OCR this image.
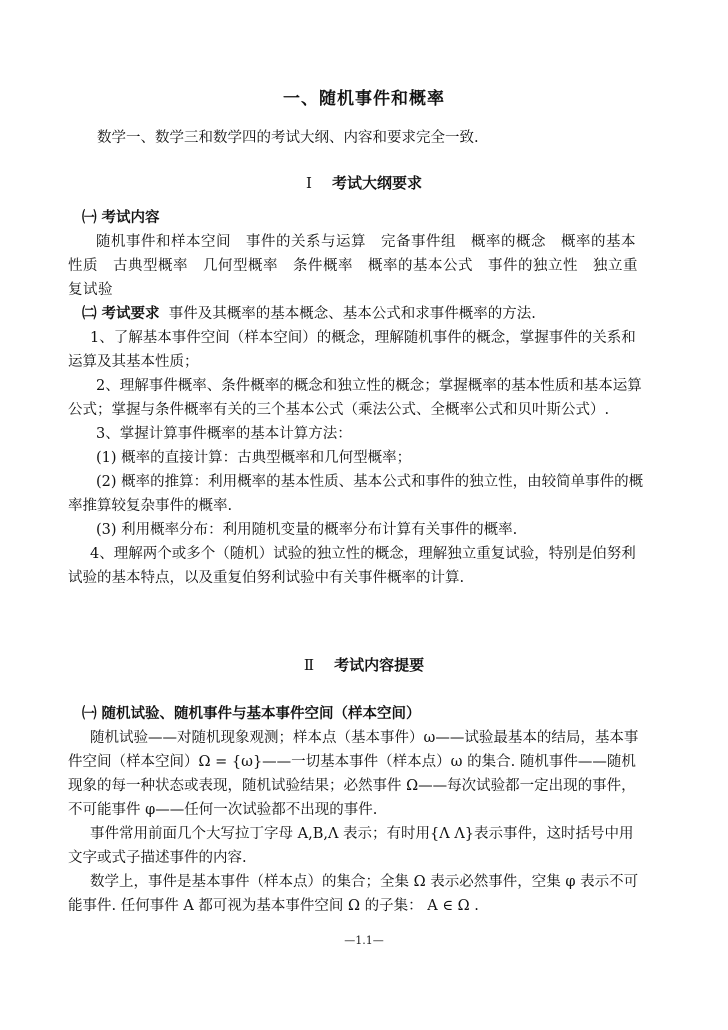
一、随机事件和概率
数学一、数学三和数学四的考试大纲、内容和要求完全一致.
Ⅰ 考试大纲要求

㈠ 考试内容

随机事件和样本空间　事件的关系与运算　完备事件组　概率的概念　概率的基本性质　古典型概率　几何型概率　条件概率　概率的基本公式　事件的独立性　独立重复试验

㈡ 考试要求 事件及其概率的基本概念、基本公式和求事件概率的方法.

1、了解基本事件空间（样本空间）的概念，理解随机事件的概念，掌握事件的关系和运算及其基本性质；

2、理解事件概率、条件概率的概念和独立性的概念；掌握概率的基本性质和基本运算公式；掌握与条件概率有关的三个基本公式（乘法公式、全概率公式和贝叶斯公式）.

3、掌握计算事件概率的基本计算方法：

(1) 概率的直接计算：古典型概率和几何型概率；

(2) 概率的推算：利用概率的基本性质、基本公式和事件的独立性，由较简单事件的概率推算较复杂事件的概率.

(3) 利用概率分布：利用随机变量的概率分布计算有关事件的概率.

4、理解两个或多个（随机）试验的独立性的概念，理解独立重复试验，特别是伯努利试验的基本特点，以及重复伯努利试验中有关事件概率的计算.

Ⅱ 考试内容提要

㈠ 随机试验、随机事件与基本事件空间（样本空间）

随机试验——对随机现象观测；样本点（基本事件）ω——试验最基本的结局，基本事件空间（样本空间）Ω = {ω}——一切基本事件（样本点）ω 的集合. 随机事件——随机现象的每一种状态或表现，随机试验结果；必然事件 Ω——每次试验都一定出现的事件，不可能事件 φ——任何一次试验都不出现的事件.

事件常用前面几个大写拉丁字母 A,B,Λ 表示；有时用{Λ Λ}表示事件，这时括号中用文字或式子描述事件的内容.

数学上，事件是基本事件（样本点）的集合；全集 Ω 表示必然事件，空集 φ 表示不可能事件. 任何事件 A 都可视为基本事件空间 Ω 的子集： A ∈ Ω .

—1.1—
